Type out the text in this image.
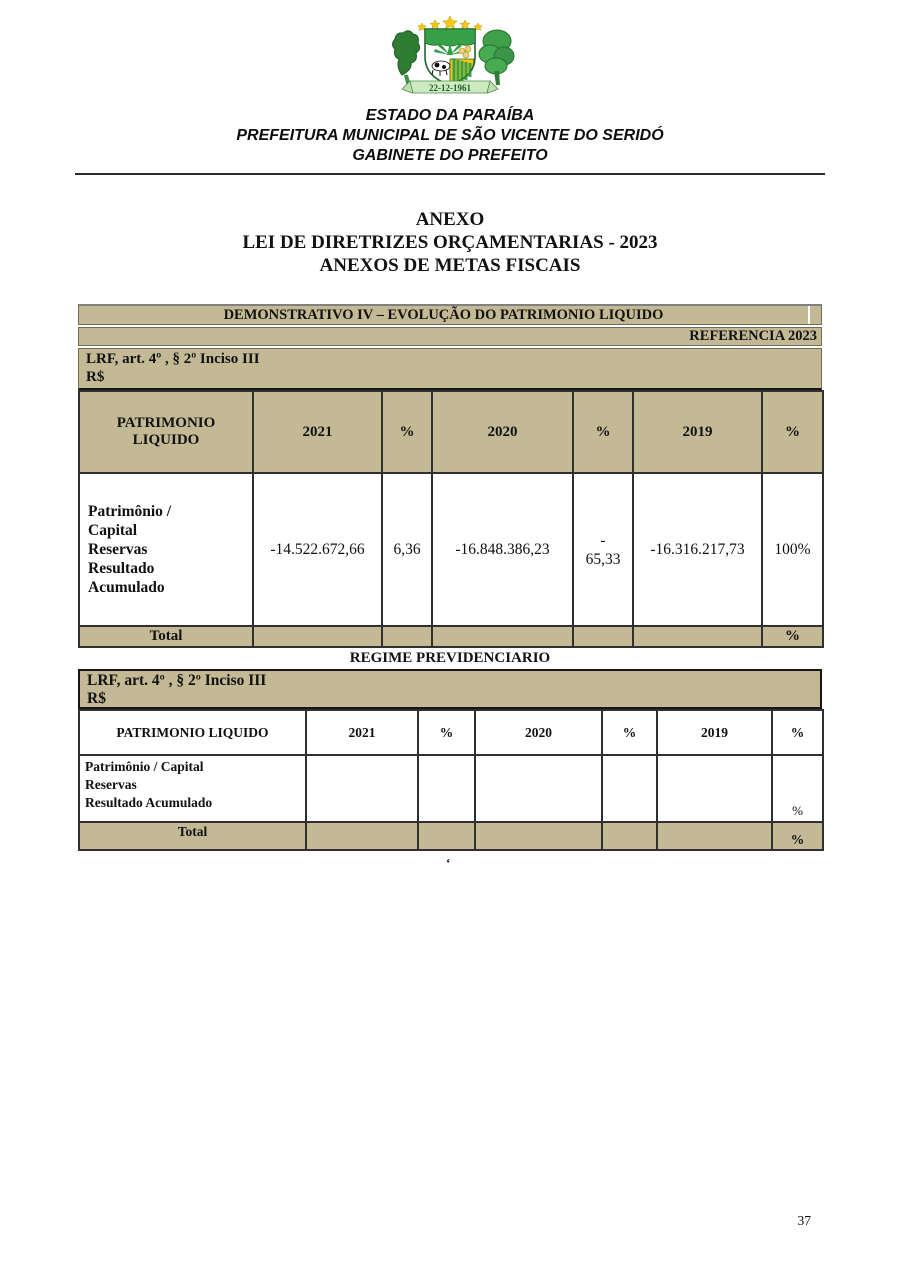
22-12-1961
ESTADO DA PARAÍBA
PREFEITURA MUNICIPAL DE SÃO VICENTE DO SERIDÓ
GABINETE DO PREFEITO
ANEXO
LEI DE DIRETRIZES ORÇAMENTARIAS - 2023
ANEXOS DE METAS FISCAIS
DEMONSTRATIVO IV – EVOLUÇÃO DO PATRIMONIO LIQUIDO
REFERENCIA 2023
LRF, art. 4º , § 2º Inciso III
R$
PATRIMONIO LIQUIDO	2021	%	2020	%	2019	%

Patrimônio /
Capital
Reservas
Resultado
Acumulado	-14.522.672,66	6,36	-16.848.386,23	-
65,33	-16.316.217,73	100%
Total						%
REGIME PREVIDENCIARIO
LRF, art. 4º , § 2º Inciso III
R$
PATRIMONIO LIQUIDO	2021	%	2020	%	2019	%

Patrimônio / Capital
Reservas
Resultado Acumulado						%
Total						%
‘
37
